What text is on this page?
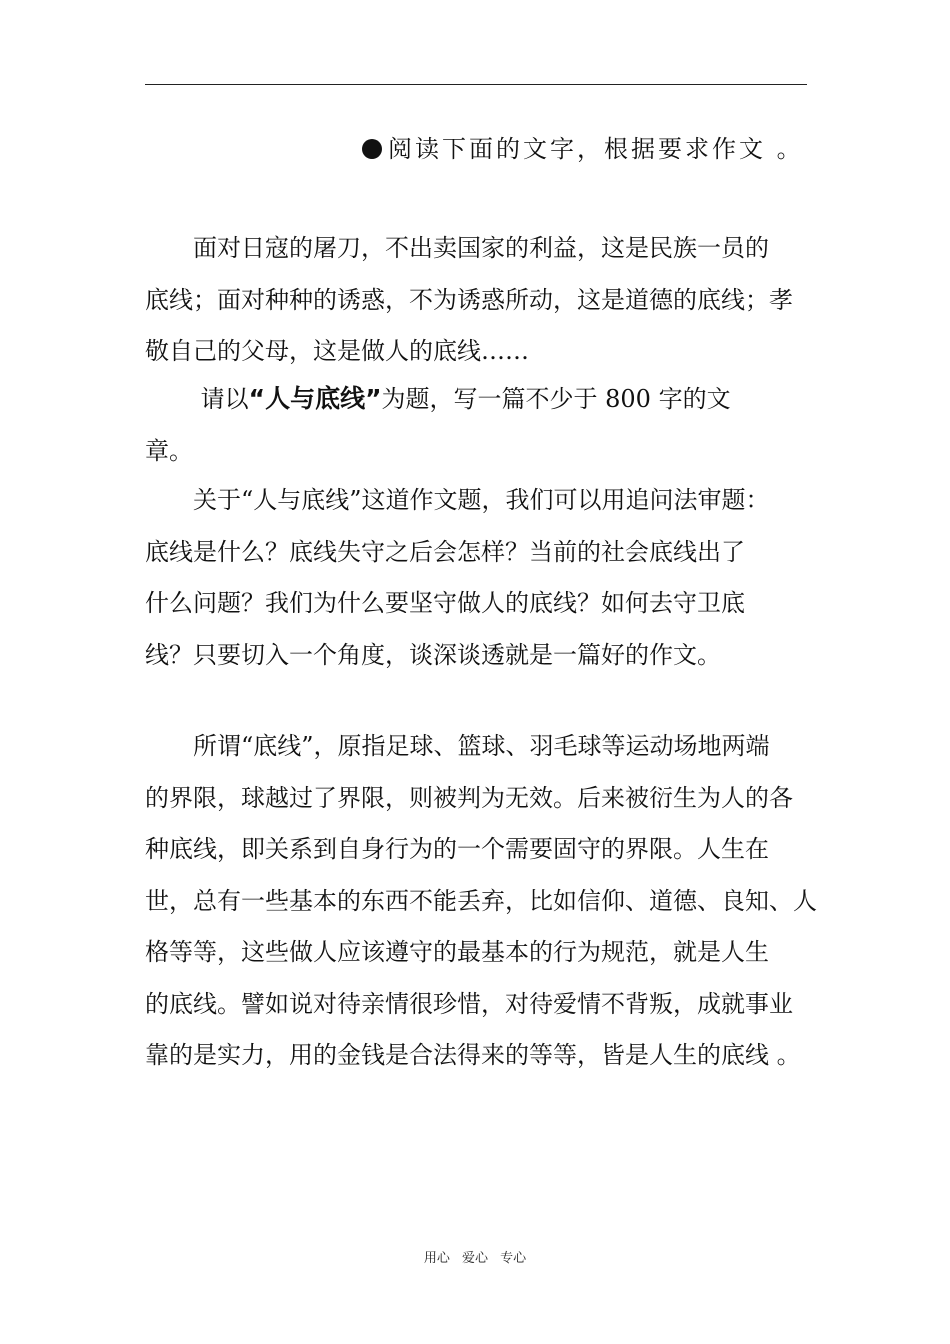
阅读下面的文字，根据要求作文 。

　　面对日寇的屠刀，不出卖国家的利益，这是民族一员的
底线；面对种种的诱惑，不为诱惑所动，这是道德的底线；孝
敬自己的父母，这是做人的底线……

　　 请以“人与底线”为题，写一篇不少于 800 字的文
章。

　　关于“人与底线”这道作文题，我们可以用追问法审题：
底线是什么？底线失守之后会怎样？当前的社会底线出了
什么问题？我们为什么要坚守做人的底线？如何去守卫底
线？只要切入一个角度，谈深谈透就是一篇好的作文。

　　所谓“底线”，原指足球、篮球、羽毛球等运动场地两端
的界限，球越过了界限，则被判为无效。后来被衍生为人的各
种底线，即关系到自身行为的一个需要固守的界限。人生在
世，总有一些基本的东西不能丢弃，比如信仰、道德、良知、人
格等等，这些做人应该遵守的最基本的行为规范，就是人生
的底线。譬如说对待亲情很珍惜，对待爱情不背叛，成就事业
靠的是实力，用的金钱是合法得来的等等，皆是人生的底线 。

用心 爱心 专心
